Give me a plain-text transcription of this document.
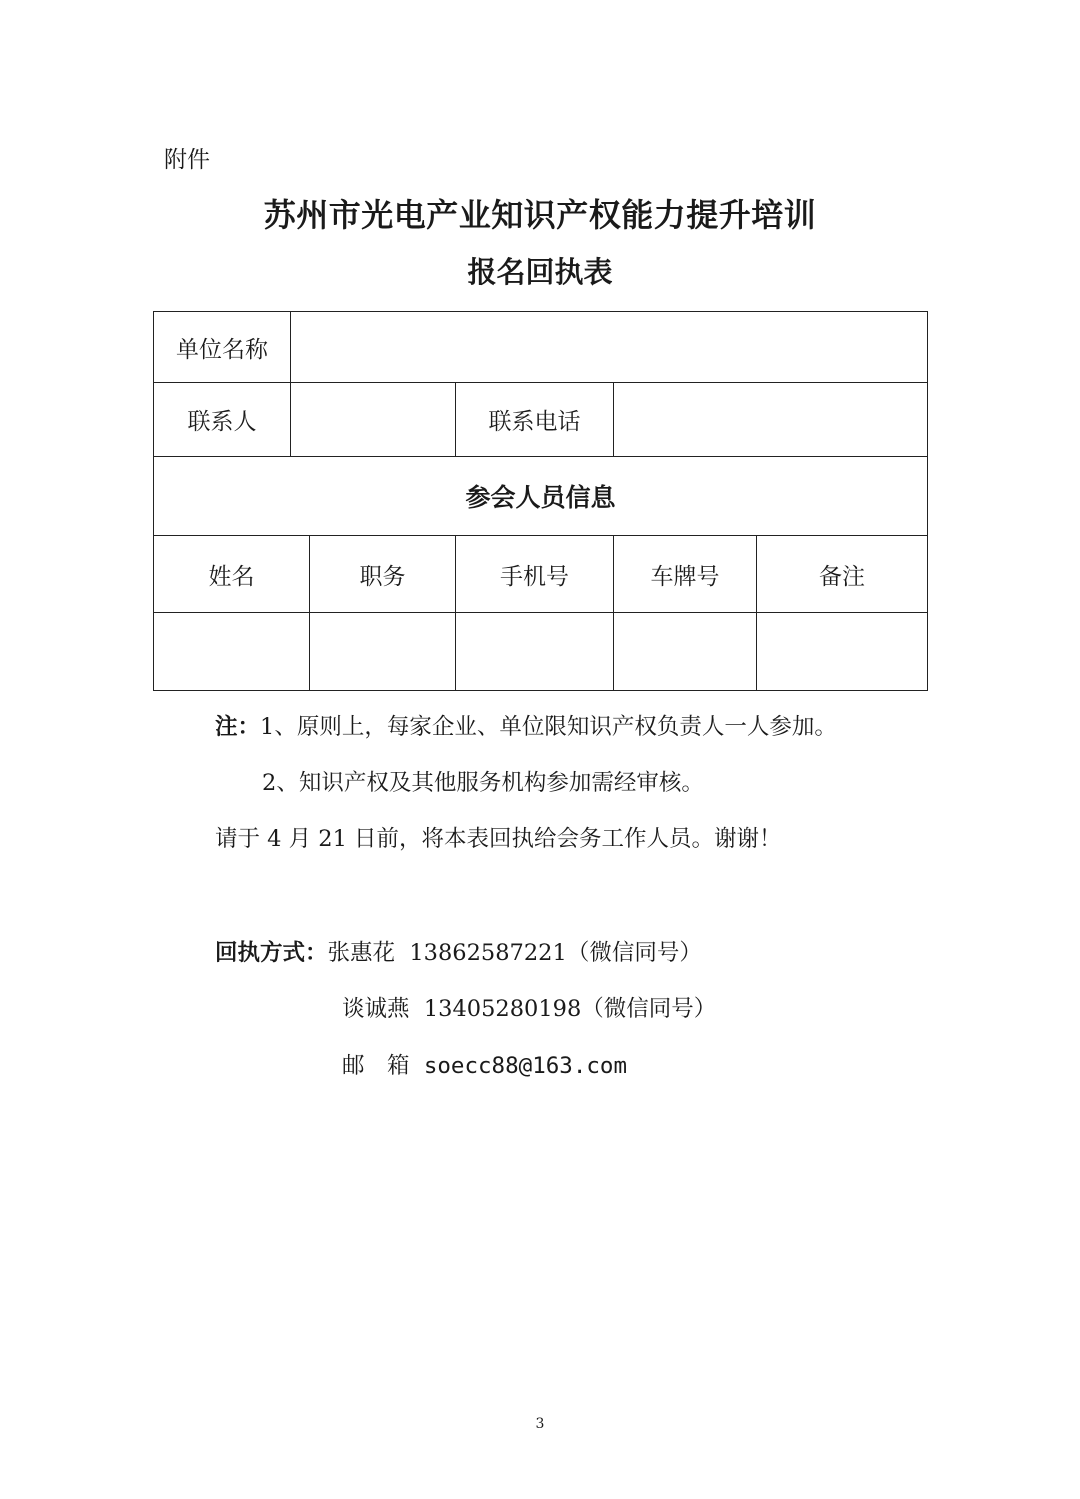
附件
苏州市光电产业知识产权能力提升培训
报名回执表
单位名称					
联系人			联系电话		
参会人员信息					
姓名		职务	手机号	车牌号	备注

注：1、原则上，每家企业、单位限知识产权负责人一人参加。
2、知识产权及其他服务机构参加需经审核。
请于 4 月 21 日前，将本表回执给会务工作人员。谢谢！
回执方式：张惠花 13862587221（微信同号）
谈诚燕 13405280198（微信同号）
邮　箱 soecc88@163.com
3
